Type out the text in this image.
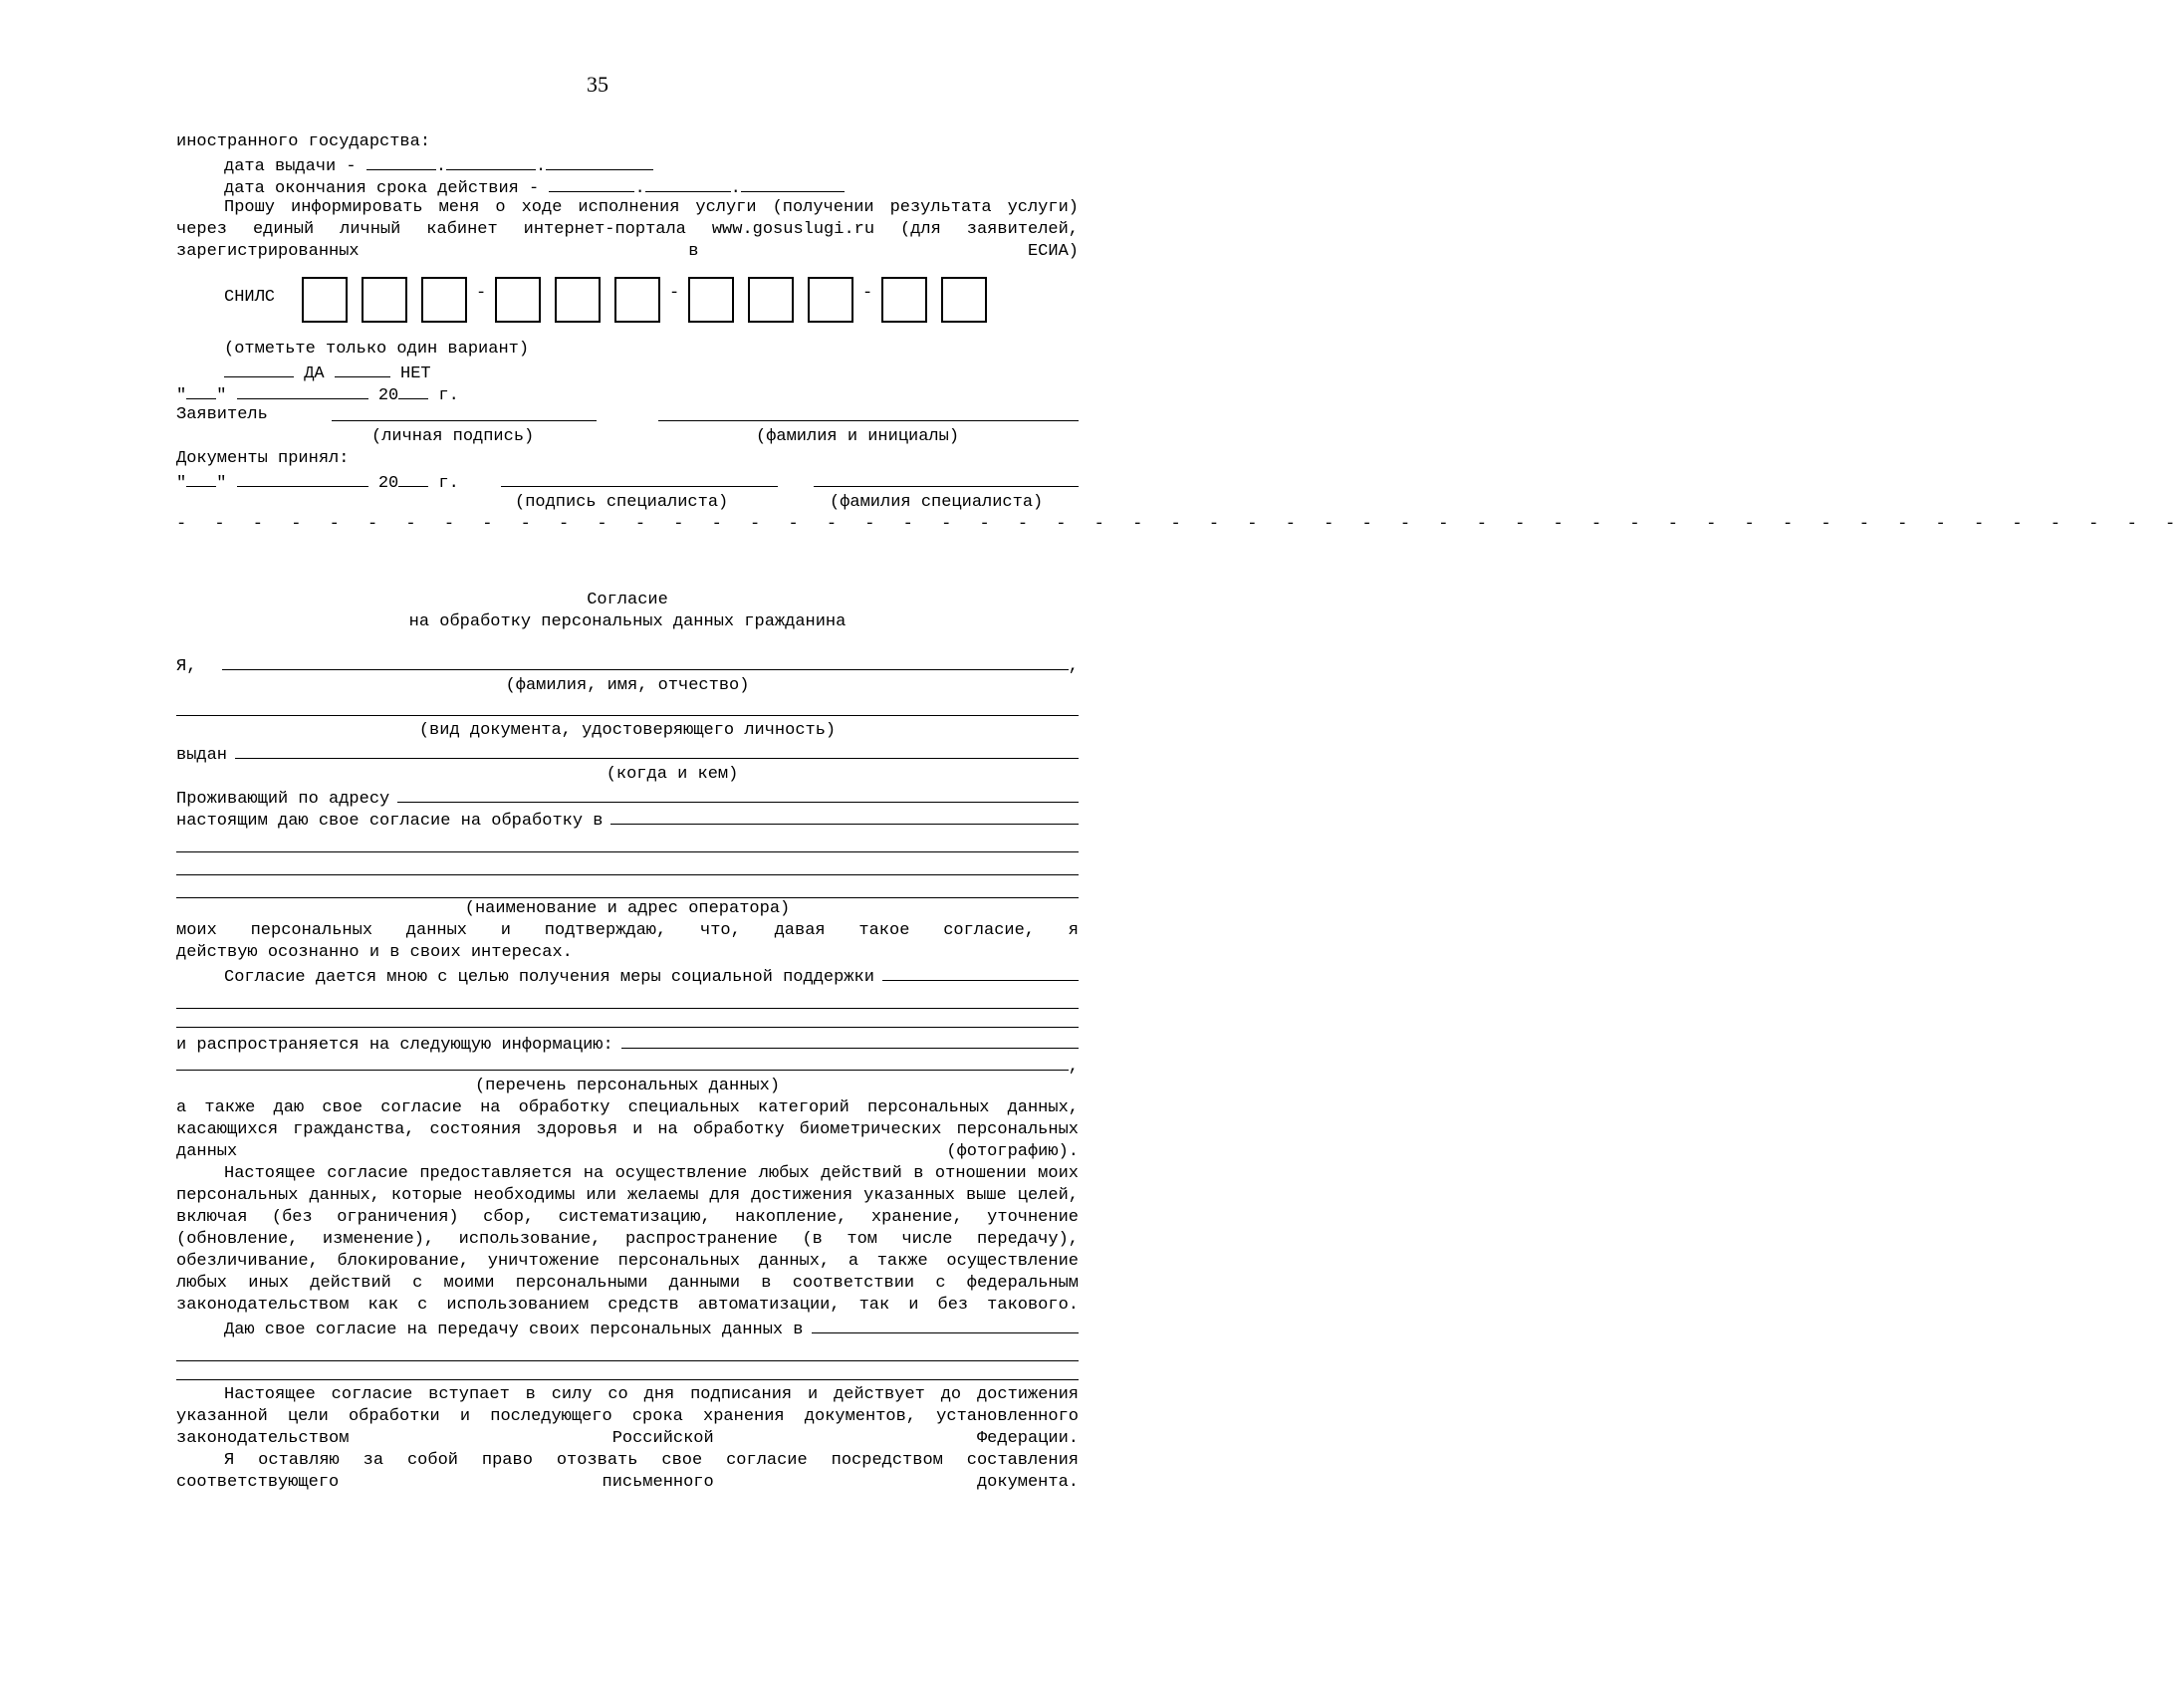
35
иностранного государства:
дата выдачи -	.	.
дата окончания срока действия -	.	.
Прошу информировать меня о ходе исполнения услуги (получении результата услуги) через единый личный кабинет интернет-портала www.gosuslugi.ru (для заявителей, зарегистрированных в ЕСИА)
СНИЛС	-	-	-
(отметьте только один вариант)
ДА	НЕТ
" "	20 г.
Заявитель
(личная подпись)	(фамилия и инициалы)
Документы принял:
" "	20 г.
(подпись специалиста)	(фамилия специалиста)
- - - - - - - - - - - - - - - - - - - - - - - - - - - - - - - - - - - - - - - - - - - - - - - - - - - - -
Согласие
на обработку персональных данных гражданина
Я,	,
(фамилия, имя, отчество)
(вид документа, удостоверяющего личность)
выдан
(когда и кем)
Проживающий по адресу
настоящим даю свое согласие на обработку в
(наименование и адрес оператора)
моих персональных данных и подтверждаю, что, давая такое согласие, я
действую осознанно и в своих интересах.
Согласие дается мною с целью получения меры социальной поддержки
и распространяется на следующую информацию:
,
(перечень персональных данных)
а также даю свое согласие на обработку специальных категорий персональных данных, касающихся гражданства, состояния здоровья и на обработку биометрических персональных данных (фотографию).
Настоящее согласие предоставляется на осуществление любых действий в отношении моих персональных данных, которые необходимы или желаемы для достижения указанных выше целей, включая (без ограничения) сбор, систематизацию, накопление, хранение, уточнение (обновление, изменение), использование, распространение (в том числе передачу), обезличивание, блокирование, уничтожение персональных данных, а также осуществление любых иных действий с моими персональными данными в соответствии с федеральным законодательством как с использованием средств автоматизации, так и без такового.
Даю свое согласие на передачу своих персональных данных в
Настоящее согласие вступает в силу со дня подписания и действует до достижения указанной цели обработки и последующего срока хранения документов, установленного законодательством Российской Федерации.
Я оставляю за собой право отозвать свое согласие посредством составления соответствующего письменного документа.
